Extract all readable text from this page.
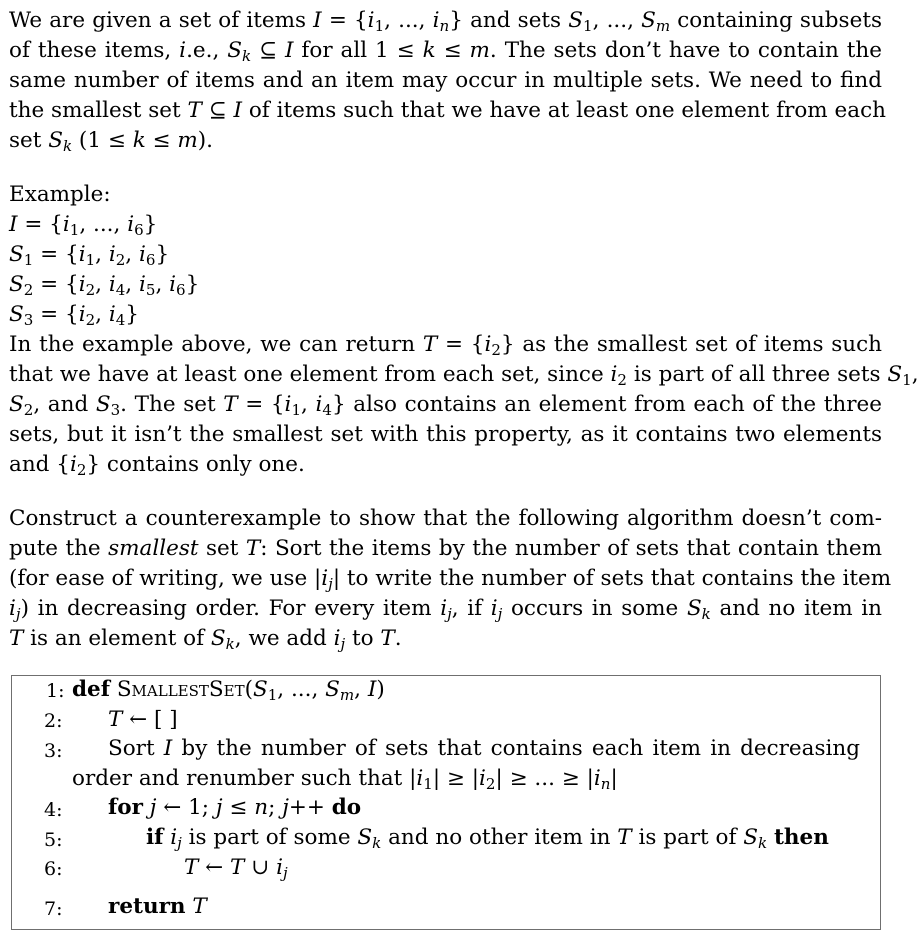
We are given a set of items $I = \{i_1$, ..., $i_n$} and sets $S_1$, ..., $S_m$ containing subsets
of these items, i.e., $S_k$ ⊆ I for all 1 ≤ k ≤ m. The sets don’t have to contain the
same number of items and an item may occur in multiple sets. We need to find
the smallest set T ⊆ I of items such that we have at least one element from each
set $S_k$ (1 ≤ k ≤ m).
Example:
$I = \{i_1$, ..., $i_6$}
$S_1 = \{i_1$, $i_2$, $i_6$}
$S_2 = \{i_2$, $i_4$, $i_5$, $i_6$}
$S_3 = \{i_2$, $i_4$}
In the example above, we can return $T = \{i_2\}$ as the smallest set of items such
that we have at least one element from each set, since $i_2$ is part of all three sets $S_1$,
$S_2$, and $S_3$. The set $T = \{i_1$, $i_4$} also contains an element from each of the three
sets, but it isn’t the smallest set with this property, as it contains two elements
and $\{i_2\}$ contains only one.
Construct a counterexample to show that the following algorithm doesn’t com-
pute the smallest set T: Sort the items by the number of sets that contain them
(for ease of writing, we use $|i_j|$ to write the number of sets that contains the item
$i_j$) in decreasing order. For every item $i_j$, if $i_j$ occurs in some $S_k$ and no item in
T is an element of $S_k$, we add $i_j$ to T.
1:
2:
3:
4:
5:
6:
7:
def $SmallestSet(S_1$, ..., $S_m$, I)
T ← [ ]
Sort I by the number of sets that contains each item in decreasing
order and renumber such that $|i_1| \ge |i_2|$ ≥ ... ≥ $|i_n|$
for j ← 1; j ≤ n; j++ do
if $i_j$ is part of some $S_k$ and no other item in T is part of $S_k$ then
T ← T ∪ $i_j$
return T
